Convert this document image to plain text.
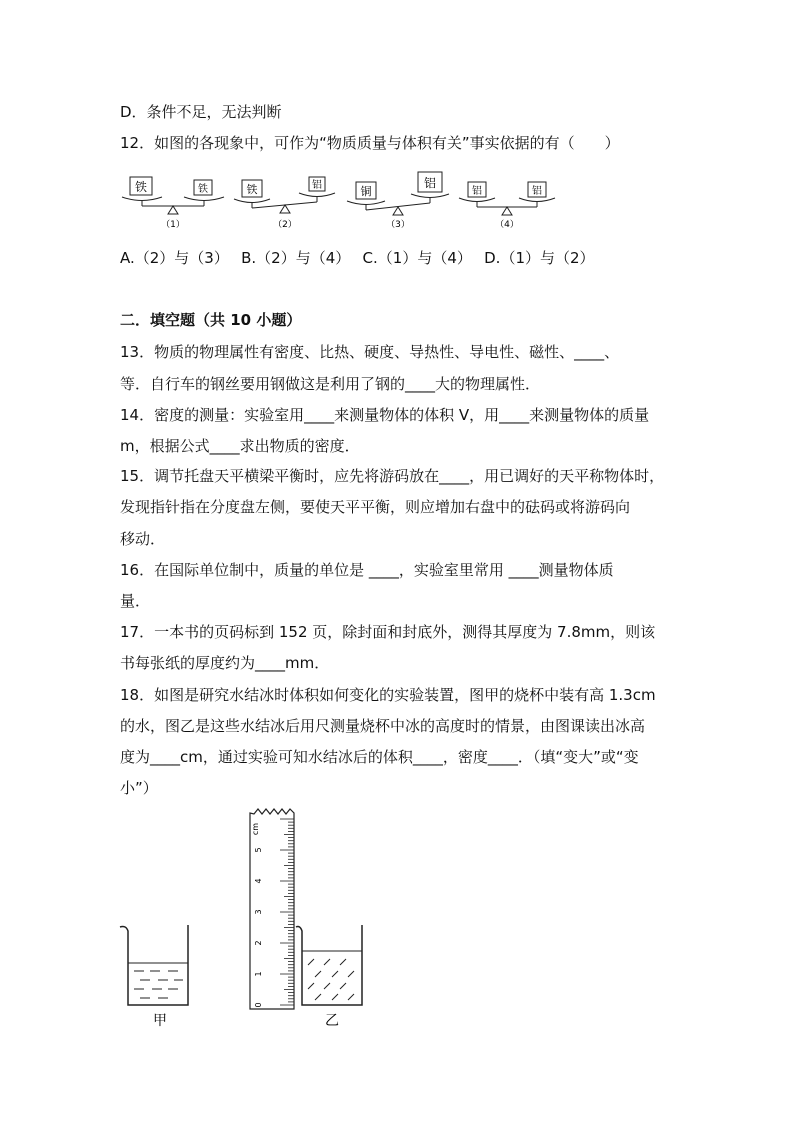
D．条件不足，无法判断
12．如图的各现象中，可作为“物质质量与体积有关”事实依据的有（　　）
铁	铁
（1）
铁	铝
（2）
铜
铝
（3）
铝	铝
（4）
A.（2）与（3）　 B.（2）与（4）　 C.（1）与（4）　 D.（1）与（2）
二．填空题（共 10 小题）
13．物质的物理属性有密度、比热、硬度、导热性、导电性、磁性、____、
等．自行车的钢丝要用钢做这是利用了钢的____大的物理属性．
14．密度的测量：实验室用____来测量物体的体积 V，用____来测量物体的质量
m，根据公式____求出物质的密度．
15．调节托盘天平横梁平衡时，应先将游码放在____，用已调好的天平称物体时，
发现指针指在分度盘左侧，要使天平平衡，则应增加右盘中的砝码或将游码向
移动．
16．在国际单位制中，质量的单位是 ____，实验室里常用 ____测量物体质
量．
17．一本书的页码标到 152 页，除封面和封底外，测得其厚度为 7.8mm，则该
书每张纸的厚度约为____mm．
18．如图是研究水结冰时体积如何变化的实验装置，图甲的烧杯中装有高 1.3cm
的水，图乙是这些水结冰后用尺测量烧杯中冰的高度时的情景，由图课读出冰高
度为____cm，通过实验可知水结冰后的体积____，密度____．（填“变大”或“变
小”）
甲
cm
0
1
2
3
4
5
乙
